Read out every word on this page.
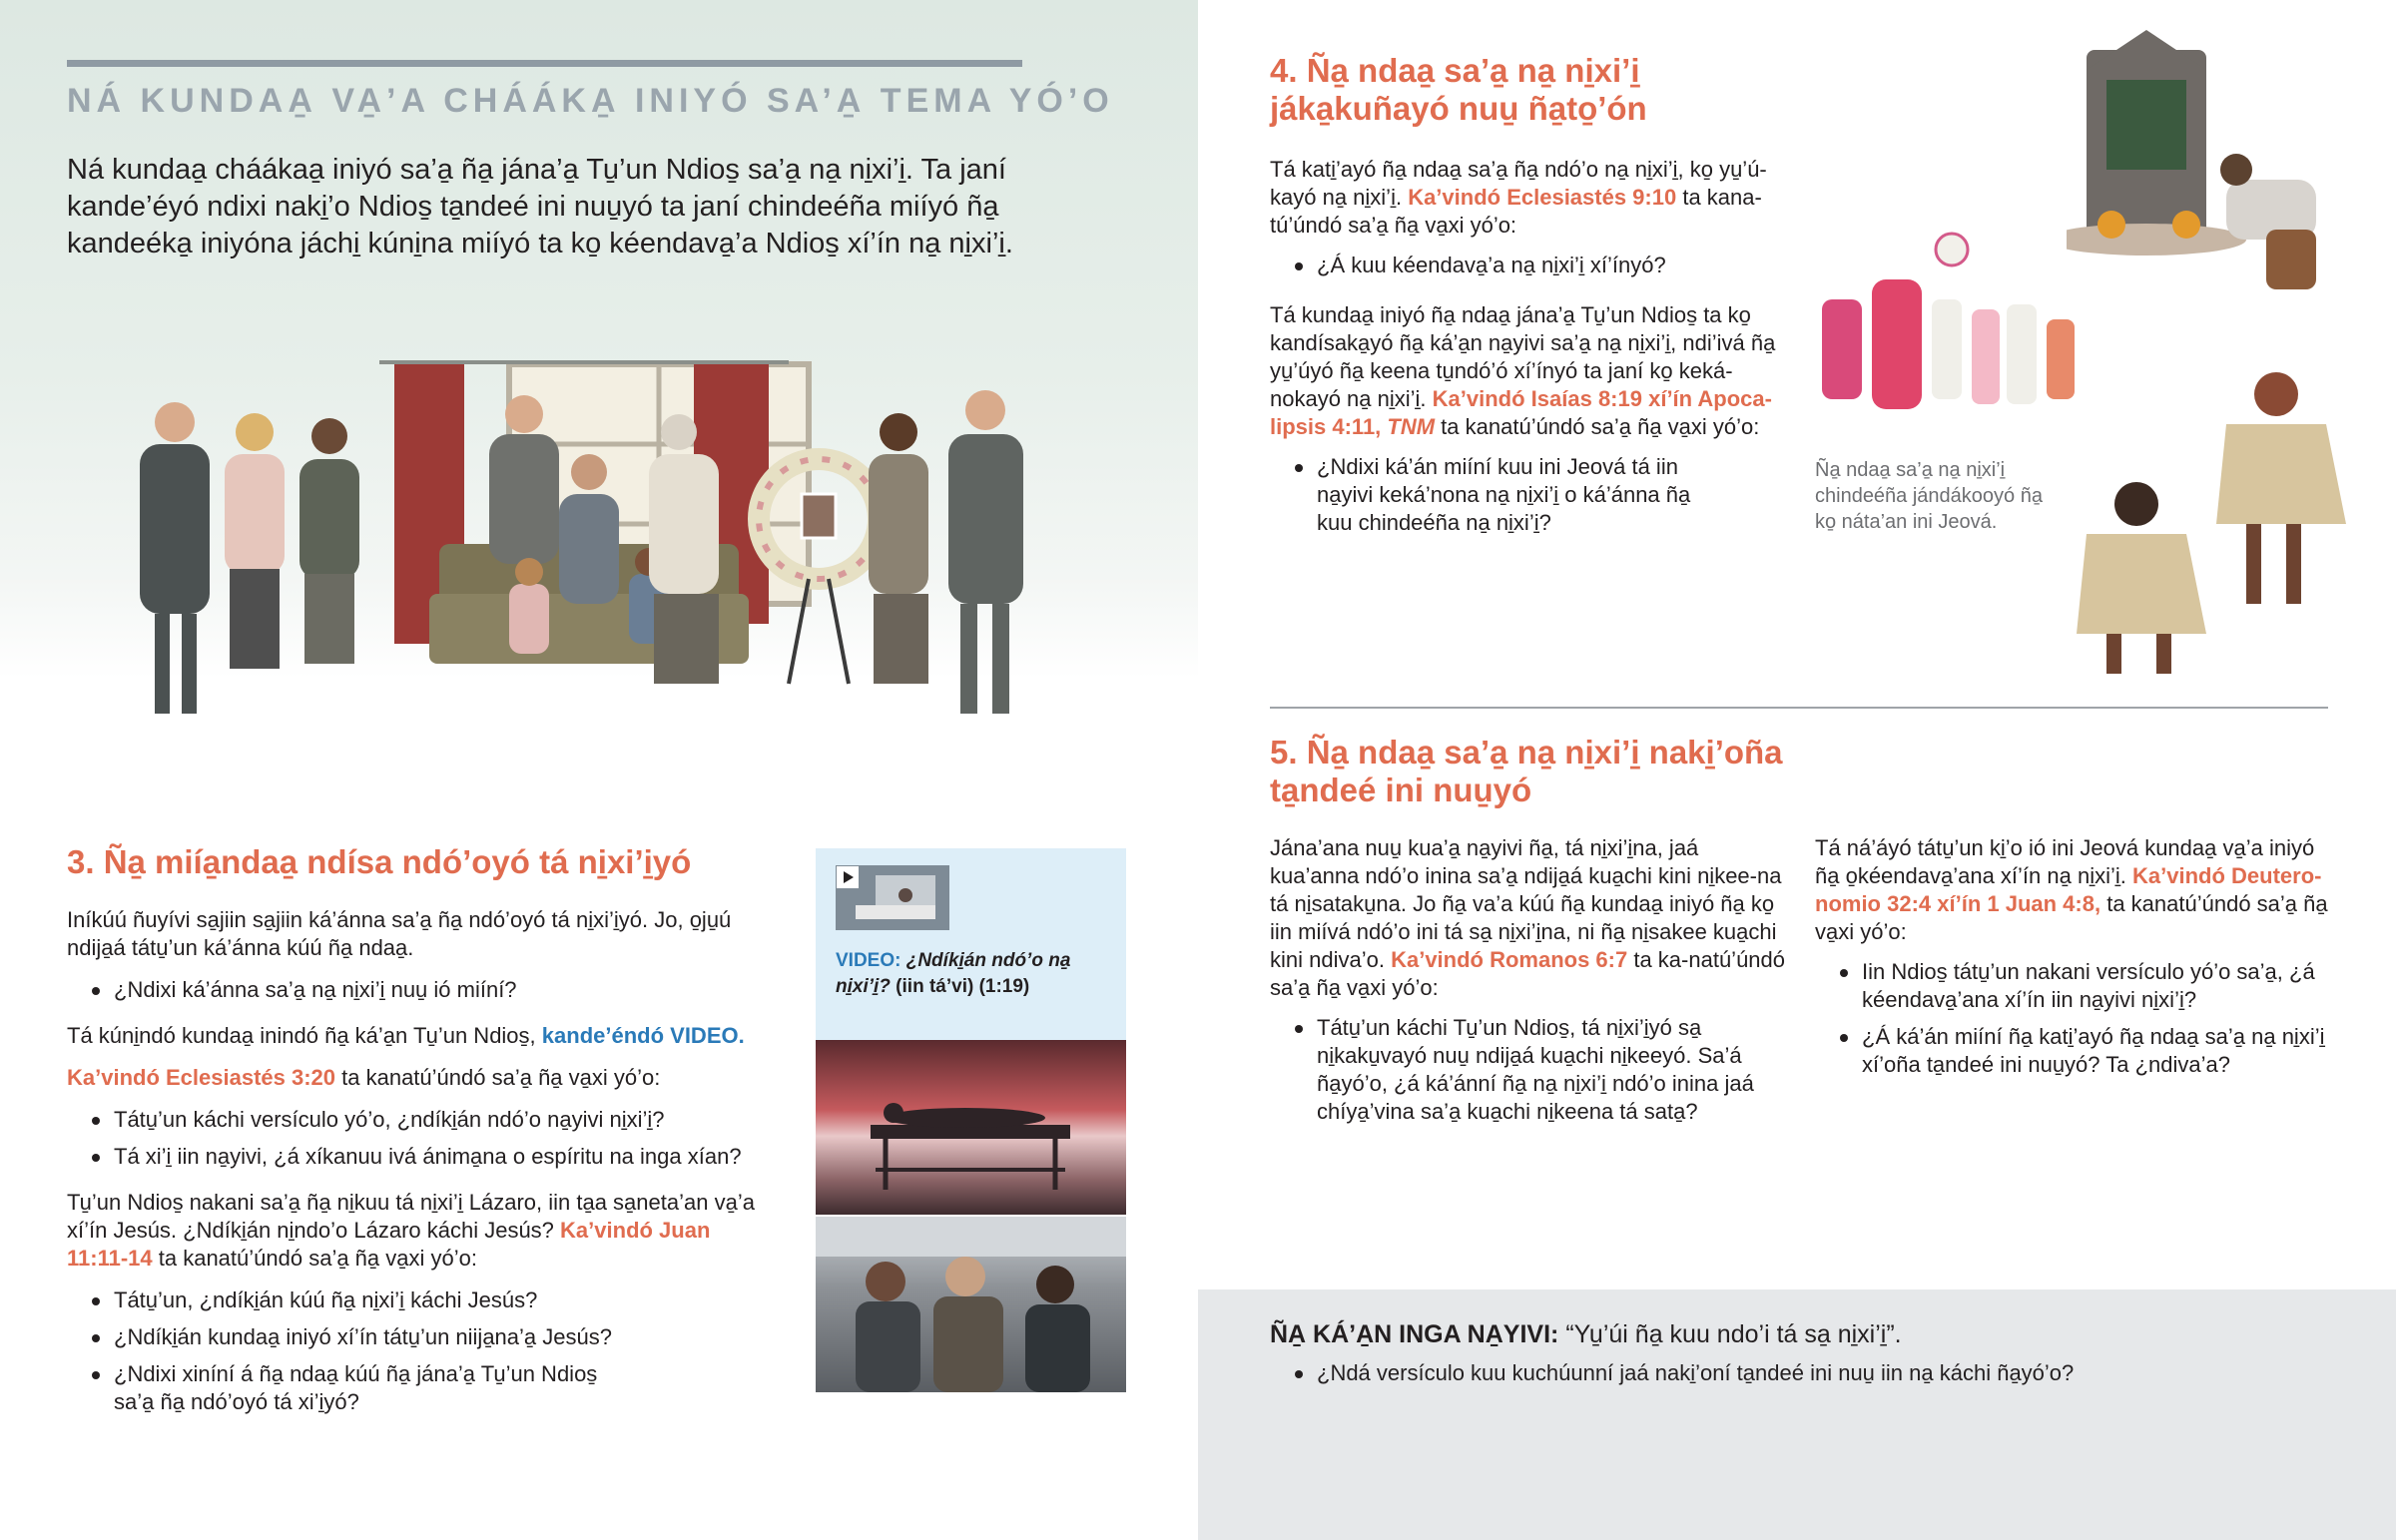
NÁ KUNDAA̱ VA̱’A CHÁÁKA̱ INIYÓ SA’A̱ TEMA YÓ’O
Ná kundaa̱ cháákaa̱ iniyó sa’a̱ ña̱ jána’a̱ Tu̱’un Ndios̱ sa’a̱ na̱ ni̱xi’i̱. Ta janí kande’éyó ndixi naki̱’o Ndios̱ ta̱ndeé ini nuu̱yó ta janí chindeéña miíyó ña̱ kandeéka̱ iniyóna jáchi̱ kúni̱na miíyó ta ko̱ kéendava̱’a Ndios̱ xí’ín na̱ ni̱xi’i̱.
3. Ña̱ miía̱ndaa̱ ndísa ndó’oyó tá ni̱xi’i̱yó
Iníkúú ñuyívi sa̱jiin sa̱jiin ká’ánna sa’a̱ ña̱ ndó’oyó tá ni̱xi’i̱yó. Jo, o̱ju̱ú ndija̱á tátu̱’un ká’ánna kúú ña̱ ndaa̱.
¿Ndixi ká’ánna sa’a̱ na̱ ni̱xi’i̱ nuu̱ ió miíní?
Tá kúni̱ndó kundaa̱ inindó ña̱ ká’a̱n Tu̱’un Ndios̱, kande’éndó VIDEO.
Ka’vindó Eclesiastés 3:20 ta kanatú’úndó sa’a̱ ña̱ va̱xi yó’o:
Tátu̱’un káchi versículo yó’o, ¿ndíki̱án ndó’o na̱yivi ni̱xi’i̱?
Tá xi’i̱ iin na̱yivi, ¿á xíkanuu ivá ánima̱na o espíritu na inga xían?
Tu̱’un Ndios̱ nakani sa’a̱ ña̱ ni̱kuu tá ni̱xi’i̱ Lázaro, iin ta̱a sa̱neta’an va̱’a xí’ín Jesús. ¿Ndíki̱án ni̱ndo’o Lázaro káchi Jesús? Ka’vindó Juan 11:11-14 ta kanatú’úndó sa’a̱ ña̱ va̱xi yó’o:
Tátu̱’un, ¿ndíki̱án kúú ña̱ ni̱xi’i̱ káchi Jesús?
¿Ndíki̱án kundaa̱ iniyó xí’ín tátu̱’un niija̱na’a̱ Jesús?
¿Ndixi xiníní á ña̱ ndaa̱ kúú ña̱ jána’a̱ Tu̱’un Ndios̱ sa’a̱ ña̱ ndó’oyó tá xi’i̱yó?
VIDEO: ¿Ndíki̱án ndó’o na̱ ni̱xi’i̱? (iin tá’vi) (1:19)
4. Ña̱ ndaa̱ sa’a̱ na̱ ni̱xi’i̱
jáka̱kuñayó nuu̱ ña̱to̱’ón
Tá kati̱’ayó ña̱ ndaa̱ sa’a̱ ña̱ ndó’o na̱ ni̱xi’i̱, ko̱ yu̱’ú-kayó na̱ ni̱xi’i̱. Ka’vindó Eclesiastés 9:10 ta kana-tú’úndó sa’a̱ ña̱ va̱xi yó’o:
¿Á kuu kéendava̱’a na̱ ni̱xi’i̱ xí’ínyó?
Tá kundaa̱ iniyó ña̱ ndaa̱ jána’a̱ Tu̱’un Ndios̱ ta ko̱ kandísaka̱yó ña̱ ká’a̱n na̱yivi sa’a̱ na̱ ni̱xi’i̱, ndi’ivá ña̱ yu̱’úyó ña̱ keena tu̱ndó’ó xí’ínyó ta janí ko̱ keká-nokayó na̱ ni̱xi’i̱. Ka’vindó Isaías 8:19 xí’ín Apoca-lipsis 4:11, TNM ta kanatú’úndó sa’a̱ ña̱ va̱xi yó’o:
¿Ndixi ká’án miíní kuu ini Jeová tá iin na̱yivi keká’nona na̱ ni̱xi’i̱ o ká’ánna ña̱ kuu chindeéña na̱ ni̱xi’i̱?
Ña̱ ndaa̱ sa’a̱ na̱ ni̱xi’i̱ chindeéña jándákooyó ña̱ ko̱ náta’an ini Jeová.
5. Ña̱ ndaa̱ sa’a̱ na̱ ni̱xi’i̱ naki̱’oña
ta̱ndeé ini nuu̱yó
Jána’ana nuu̱ kua’a̱ na̱yivi ña̱, tá ni̱xi’i̱na, jaá kua’anna ndó’o inina sa’a̱ ndija̱á kua̱chi kini ni̱kee-na tá ni̱sataku̱na. Jo ña̱ va’a kúú ña̱ kundaa̱ iniyó ña̱ ko̱ iin miívá ndó’o ini tá sa̱ ni̱xi’i̱na, ni ña̱ ni̱sakee kua̱chi kini ndiva’o. Ka’vindó Romanos 6:7 ta ka-natú’úndó sa’a̱ ña̱ va̱xi yó’o:
Tátu̱’un káchi Tu̱’un Ndios̱, tá ni̱xi’i̱yó sa̱ ni̱kaku̱vayó nuu̱ ndija̱á kua̱chi ni̱keeyó. Sa’á ña̱yó’o, ¿á ká’ánní ña̱ na̱ ni̱xi’i̱ ndó’o inina jaá chíya̱’vina sa’a̱ kua̱chi ni̱keena tá sata̱?
Tá ná’áyó tátu̱’un ki̱’o ió ini Jeová kundaa̱ va̱’a iniyó ña̱ o̱kéendava̱’ana xí’ín na̱ ni̱xi’i̱. Ka’vindó Deutero-nomio 32:4 xí’ín 1 Juan 4:8, ta kanatú’úndó sa’a̱ ña̱ va̱xi yó’o:
Iin Ndios̱ tátu̱’un nakani versículo yó’o sa’a̱, ¿á kéendava̱’ana xí’ín iin na̱yivi ni̱xi’i̱?
¿Á ká’án miíní ña̱ kati̱’ayó ña̱ ndaa̱ sa’a̱ na̱ ni̱xi’i̱ xí’oña ta̱ndeé ini nuu̱yó? Ta ¿ndiva’a?
ÑA̱ KÁ’A̱N INGA NA̱YIVI: “Yu̱’úi ña̱ kuu ndo’i tá sa̱ ni̱xi’i̱”.
¿Ndá versículo kuu kuchúunní jaá naki̱’oní ta̱ndeé ini nuu̱ iin na̱ káchi ña̱yó’o?
